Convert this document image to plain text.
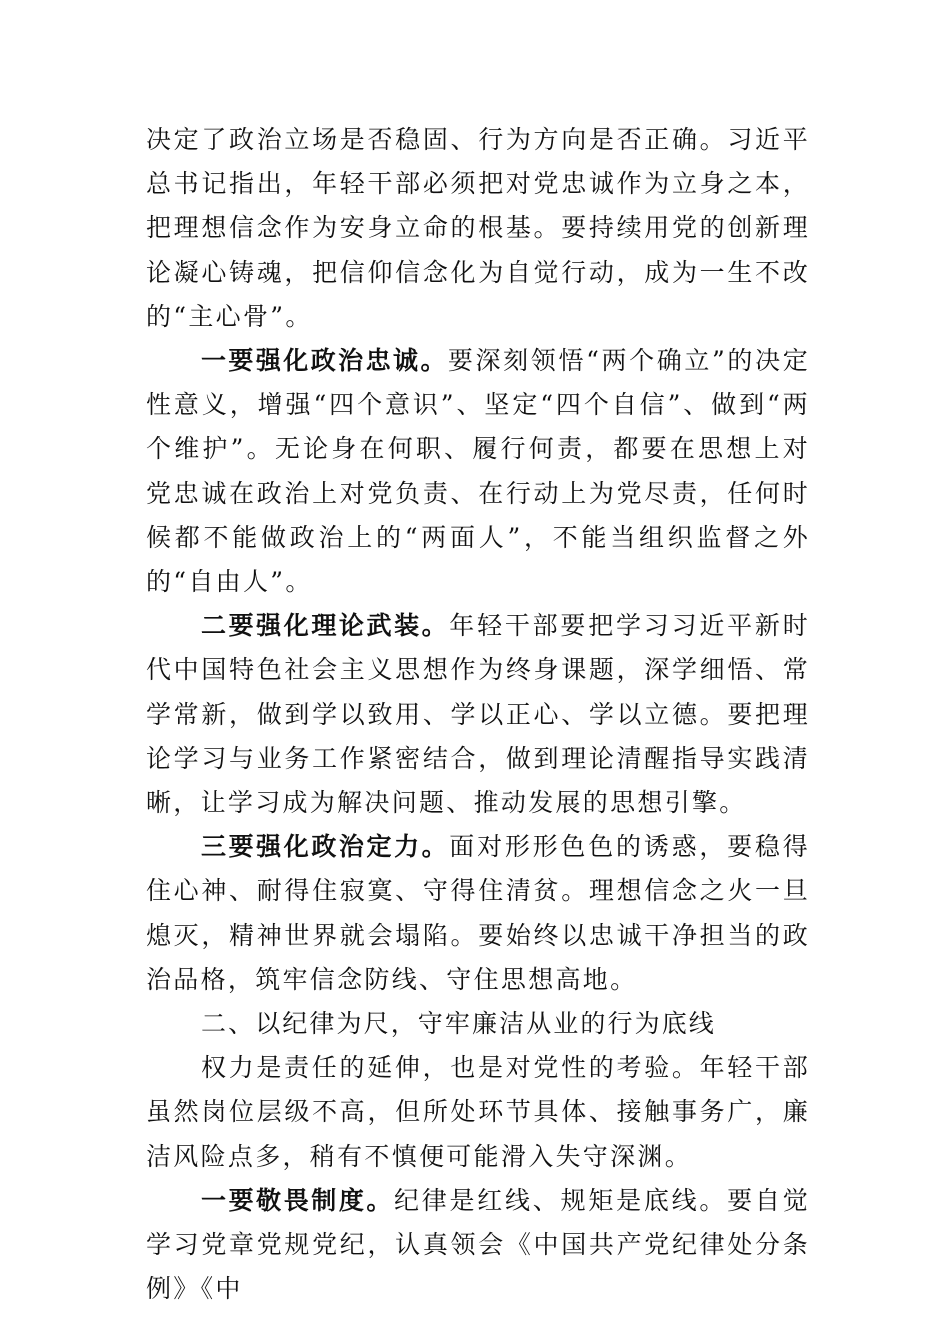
决定了政治立场是否稳固、行为方向是否正确。习近平总书记指出，年轻干部必须把对党忠诚作为立身之本，把理想信念作为安身立命的根基。要持续用党的创新理论凝心铸魂，把信仰信念化为自觉行动，成为一生不改的“主心骨”。

一要强化政治忠诚。要深刻领悟“两个确立”的决定性意义，增强“四个意识”、坚定“四个自信”、做到“两个维护”。无论身在何职、履行何责，都要在思想上对党忠诚在政治上对党负责、在行动上为党尽责，任何时候都不能做政治上的“两面人”，不能当组织监督之外的“自由人”。

二要强化理论武装。年轻干部要把学习习近平新时代中国特色社会主义思想作为终身课题，深学细悟、常学常新，做到学以致用、学以正心、学以立德。要把理论学习与业务工作紧密结合，做到理论清醒指导实践清晰，让学习成为解决问题、推动发展的思想引擎。

三要强化政治定力。面对形形色色的诱惑，要稳得住心神、耐得住寂寞、守得住清贫。理想信念之火一旦熄灭，精神世界就会塌陷。要始终以忠诚干净担当的政治品格，筑牢信念防线、守住思想高地。

二、以纪律为尺，守牢廉洁从业的行为底线

权力是责任的延伸，也是对党性的考验。年轻干部虽然岗位层级不高，但所处环节具体、接触事务广，廉洁风险点多，稍有不慎便可能滑入失守深渊。

一要敬畏制度。纪律是红线、规矩是底线。要自觉学习党章党规党纪，认真领会《中国共产党纪律处分条例》《中
